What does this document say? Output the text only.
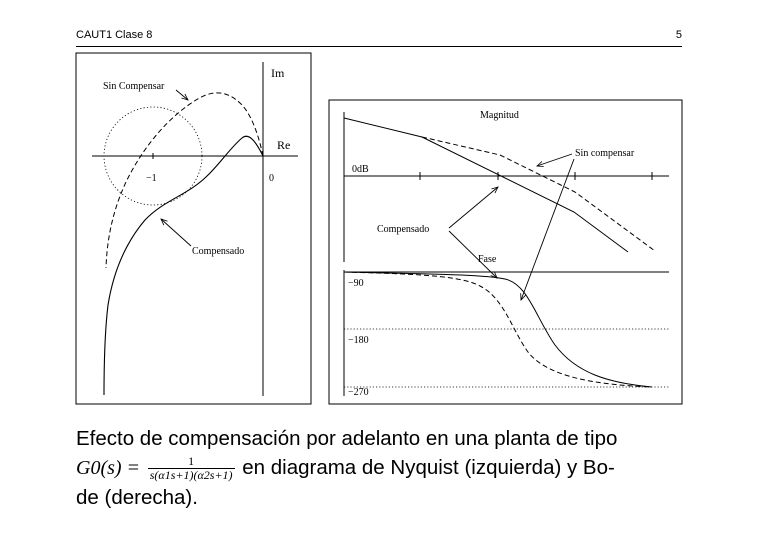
CAUT1 Clase 8	5
Im
Re
−1	0
Sin Compensar
Compensado
Magnitud
0dB
Sin compensar
Compensado
Fase
−90
−180
−270
Efecto de compensación por adelanto en una planta de tipo
$G0(s) = \frac{1}{s(\alpha 1s+1)(\alpha 2s+1)}$ en diagrama de Nyquist (izquierda) y Bo-
de (derecha).
